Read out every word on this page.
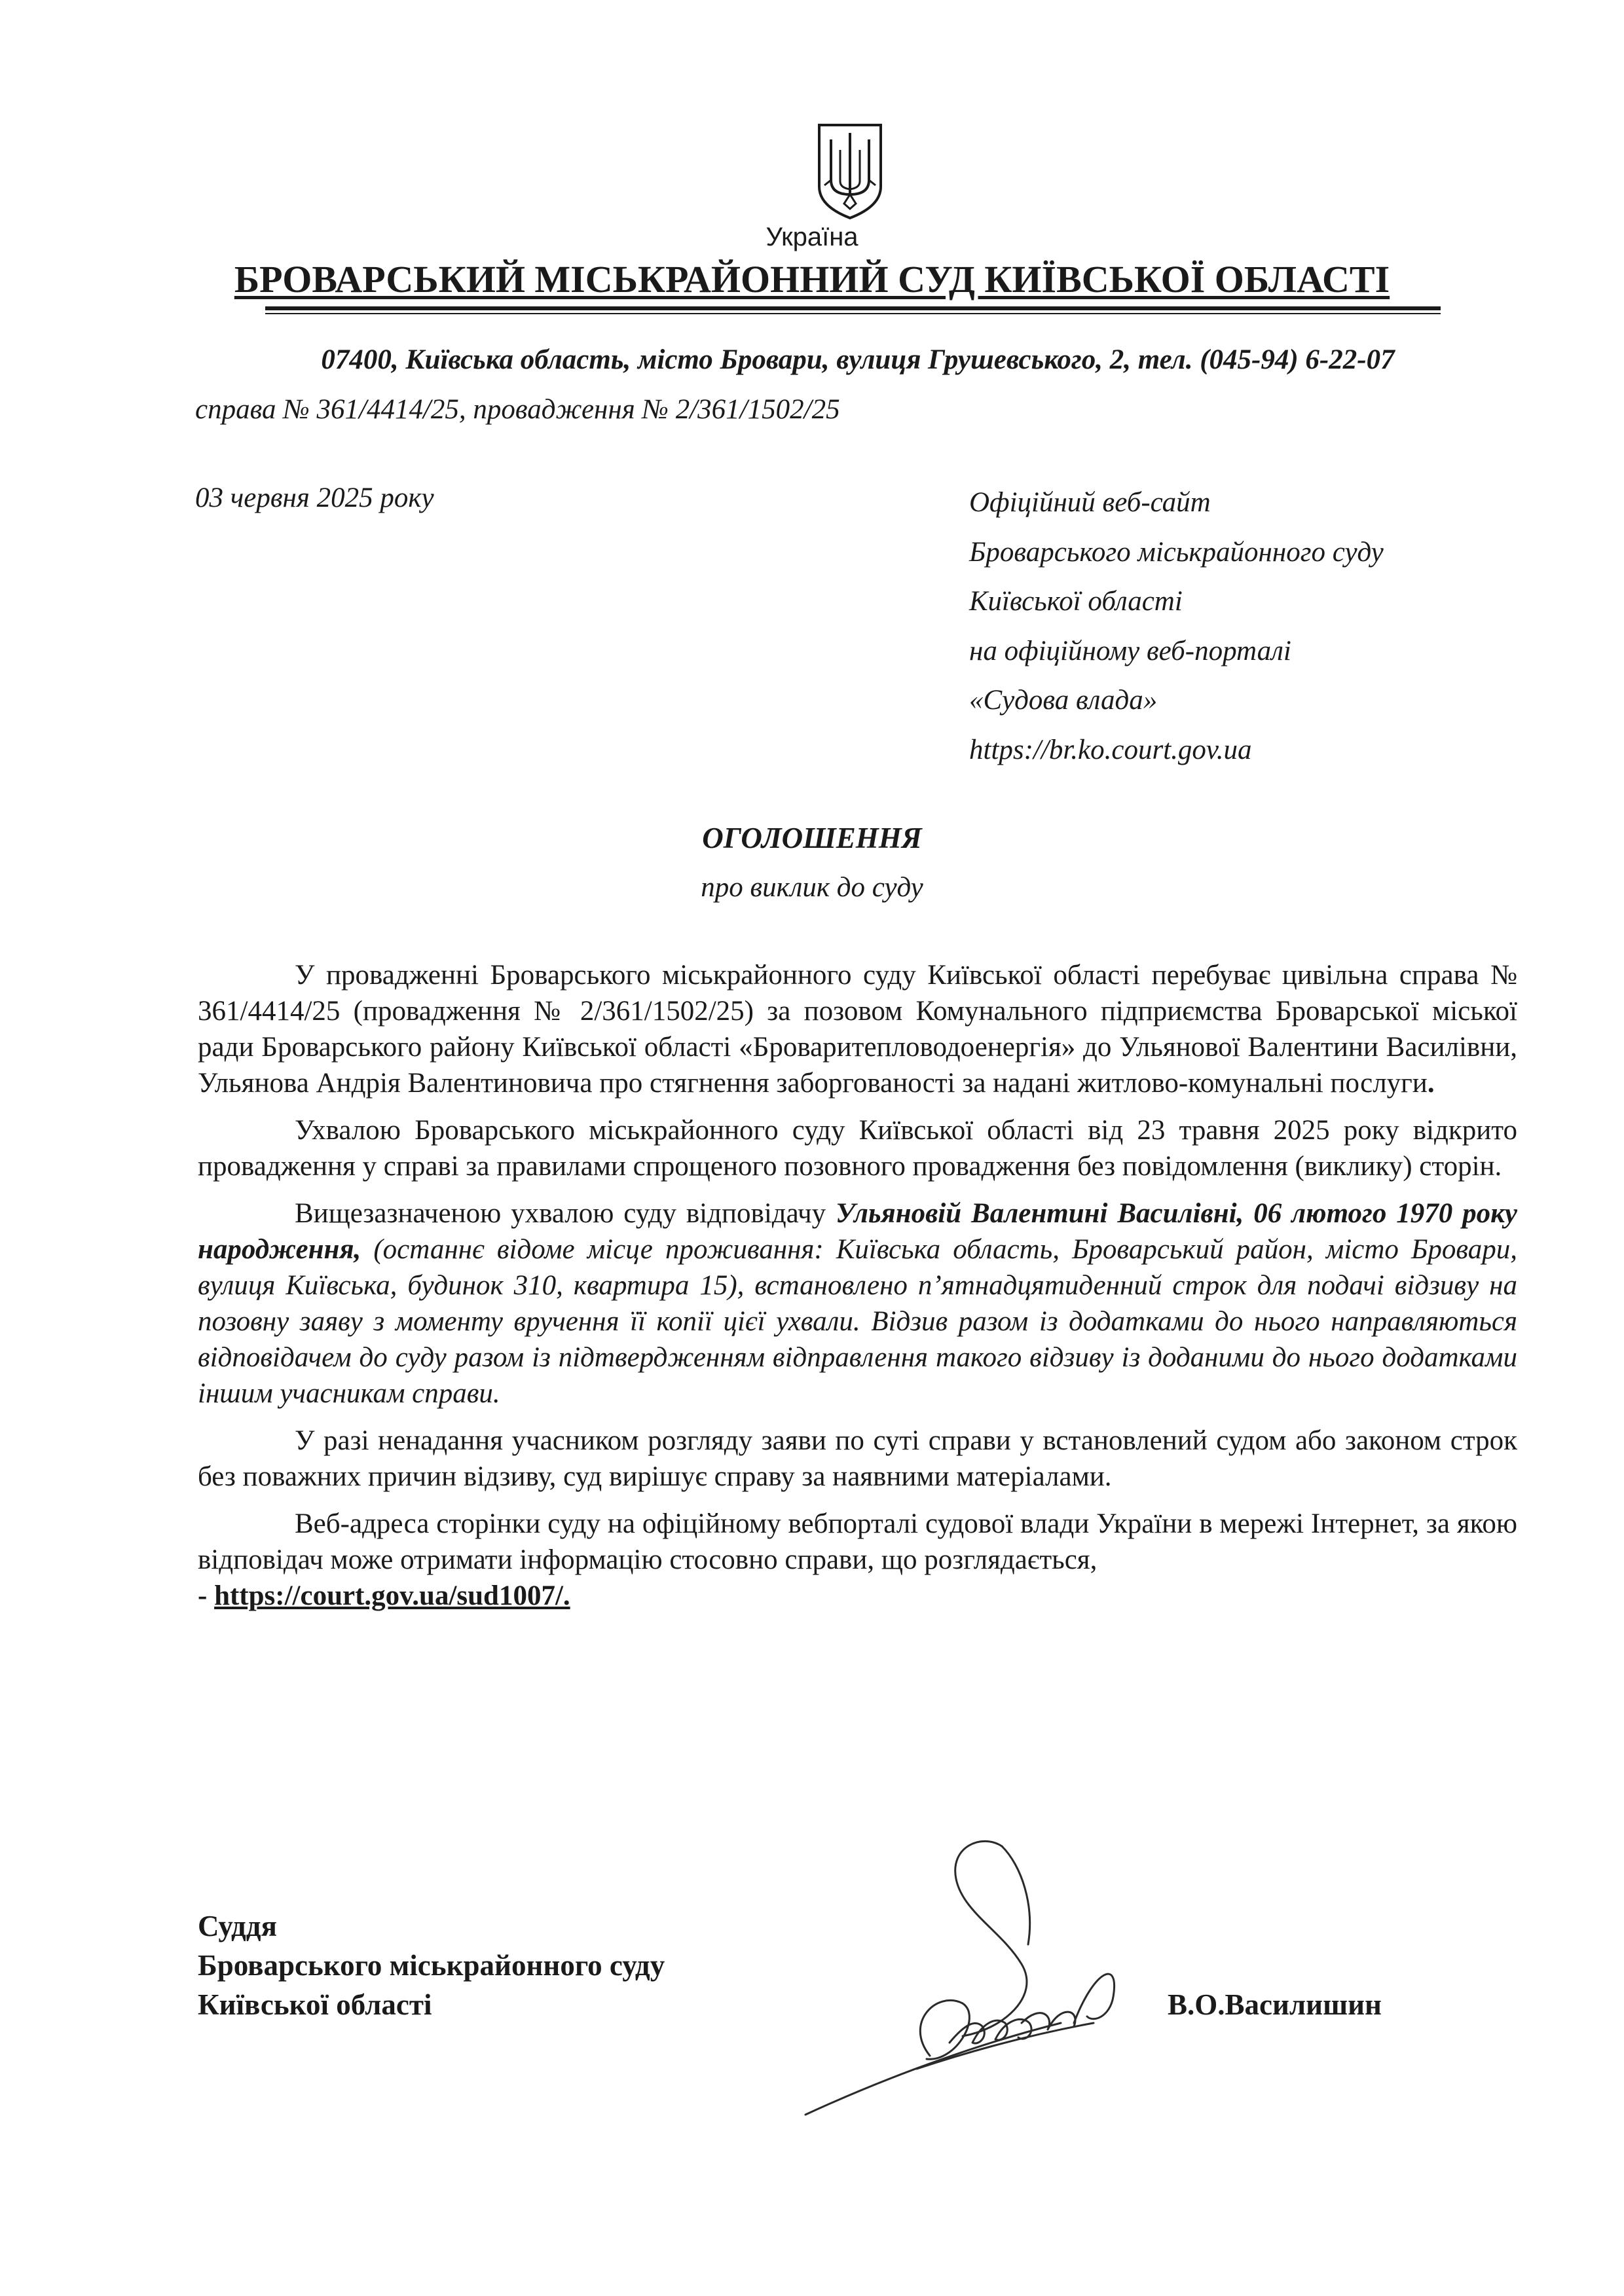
Україна
БРОВАРСЬКИЙ МІСЬКРАЙОННИЙ СУД КИЇВСЬКОЇ ОБЛАСТІ
07400, Київська область, місто Бровари, вулиця Грушевського, 2, тел. (045-94) 6-22-07
справа № 361/4414/25, провадження № 2/361/1502/25
03 червня 2025 року	Офіційний веб-сайт
Броварського міськрайонного суду
Київської області
на офіційному веб-порталі
«Судова влада»
https://br.ko.court.gov.ua
ОГОЛОШЕННЯ
про виклик до суду

У провадженні Броварського міськрайонного суду Київської області перебуває цивільна справа № 361/4414/25 (провадження № 2/361/1502/25) за позовом Комунального підприємства Броварської міської ради Броварського району Київської області «Броваритепловодоенергія» до Ульянової Валентини Василівни, Ульянова Андрія Валентиновича про стягнення заборгованості за надані житлово-комунальні послуги.

Ухвалою Броварського міськрайонного суду Київської області від 23 травня 2025 року відкрито провадження у справі за правилами спрощеного позовного провадження без повідомлення (виклику) сторін.

Вищезазначеною ухвалою суду відповідачу Ульяновій Валентині Василівні, 06 лютого 1970 року народження, (останнє відоме місце проживання: Київська область, Броварський район, місто Бровари, вулиця Київська, будинок 310, квартира 15), встановлено п’ятнадцятиденний строк для подачі відзиву на позовну заяву з моменту вручення її копії цієї ухвали. Відзив разом із додатками до нього направляються відповідачем до суду разом із підтвердженням відправлення такого відзиву із доданими до нього додатками іншим учасникам справи.

У разі ненадання учасником розгляду заяви по суті справи у встановлений судом або законом строк без поважних причин відзиву, суд вирішує справу за наявними матеріалами.

Веб-адреса сторінки суду на офіційному вебпорталі судової влади України в мережі Інтернет, за якою відповідач може отримати інформацію стосовно справи, що розглядається,
- https://court.gov.ua/sud1007/.

Суддя
Броварського міськрайонного суду
Київської області	В.О.Василишин
